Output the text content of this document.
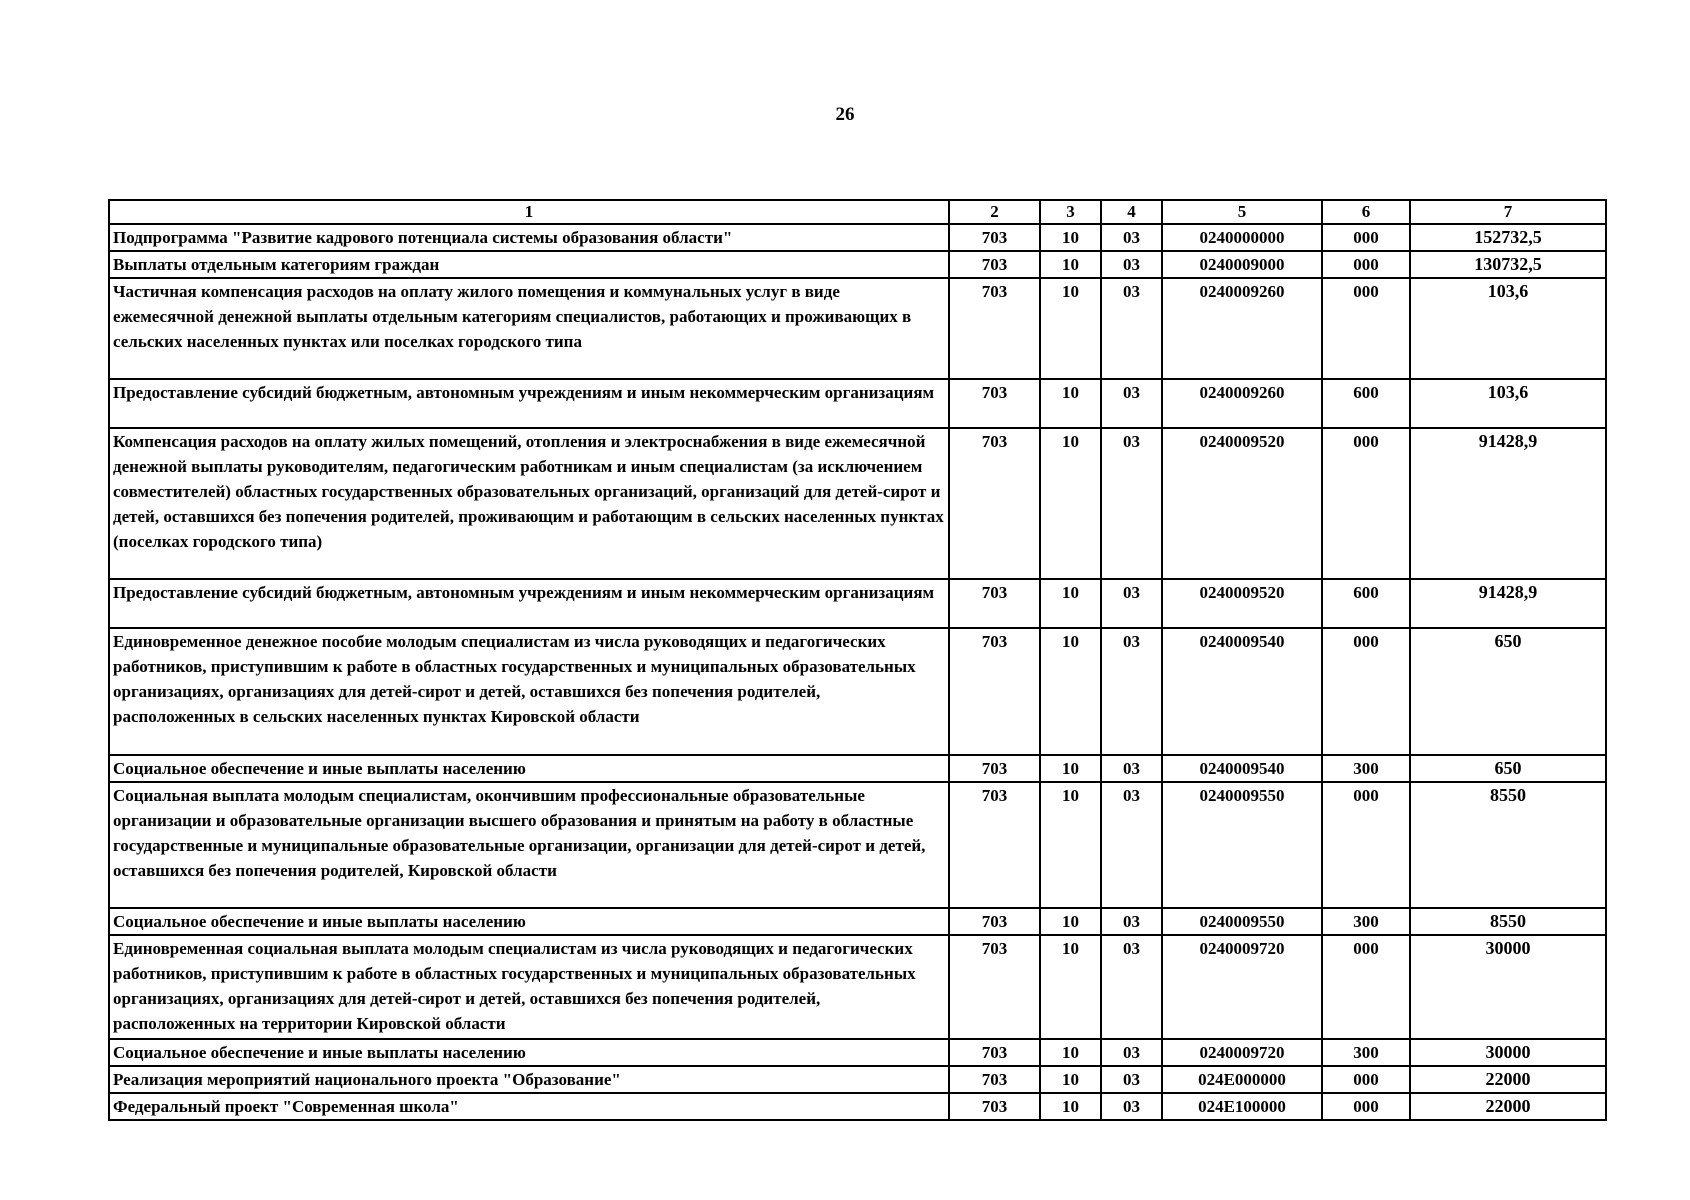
26
1	2	3	4	5	6	7
Подпрограмма "Развитие кадрового потенциала системы образования области"	703	10	03	0240000000	000	152732,5
Выплаты отдельным категориям граждан	703	10	03	0240009000	000	130732,5
Частичная компенсация расходов на оплату жилого помещения и коммунальных услуг в виде ежемесячной денежной выплаты отдельным категориям специалистов, работающих и проживающих в сельских населенных пунктах или поселках городского типа	703	10	03	0240009260	000	103,6
Предоставление субсидий бюджетным, автономным учреждениям и иным некоммерческим организациям	703	10	03	0240009260	600	103,6
Компенсация расходов на оплату жилых помещений, отопления и электроснабжения в виде ежемесячной денежной выплаты руководителям, педагогическим работникам и иным специалистам (за исключением совместителей) областных государственных образовательных организаций, организаций для детей-сирот и детей, оставшихся без попечения родителей, проживающим и работающим в сельских населенных пунктах (поселках городского типа)	703	10	03	0240009520	000	91428,9
Предоставление субсидий бюджетным, автономным учреждениям и иным некоммерческим организациям	703	10	03	0240009520	600	91428,9
Единовременное денежное пособие молодым специалистам из числа руководящих и педагогических работников, приступившим к работе в областных государственных и муниципальных образовательных организациях, организациях для детей-сирот и детей, оставшихся без попечения родителей, расположенных в сельских населенных пунктах Кировской области	703	10	03	0240009540	000	650
Социальное обеспечение и иные выплаты населению	703	10	03	0240009540	300	650
Социальная выплата молодым специалистам, окончившим профессиональные образовательные организации и образовательные организации высшего образования и принятым на работу в областные государственные и муниципальные образовательные организации, организации для детей-сирот и детей, оставшихся без попечения родителей, Кировской области	703	10	03	0240009550	000	8550
Социальное обеспечение и иные выплаты населению	703	10	03	0240009550	300	8550
Единовременная социальная выплата молодым специалистам из числа руководящих и педагогических работников, приступившим к работе в областных государственных и муниципальных образовательных организациях, организациях для детей-сирот и детей, оставшихся без попечения родителей, расположенных на территории Кировской области	703	10	03	0240009720	000	30000
Социальное обеспечение и иные выплаты населению	703	10	03	0240009720	300	30000
Реализация мероприятий национального проекта "Образование"	703	10	03	024E000000	000	22000
Федеральный проект "Современная школа"	703	10	03	024E100000	000	22000
